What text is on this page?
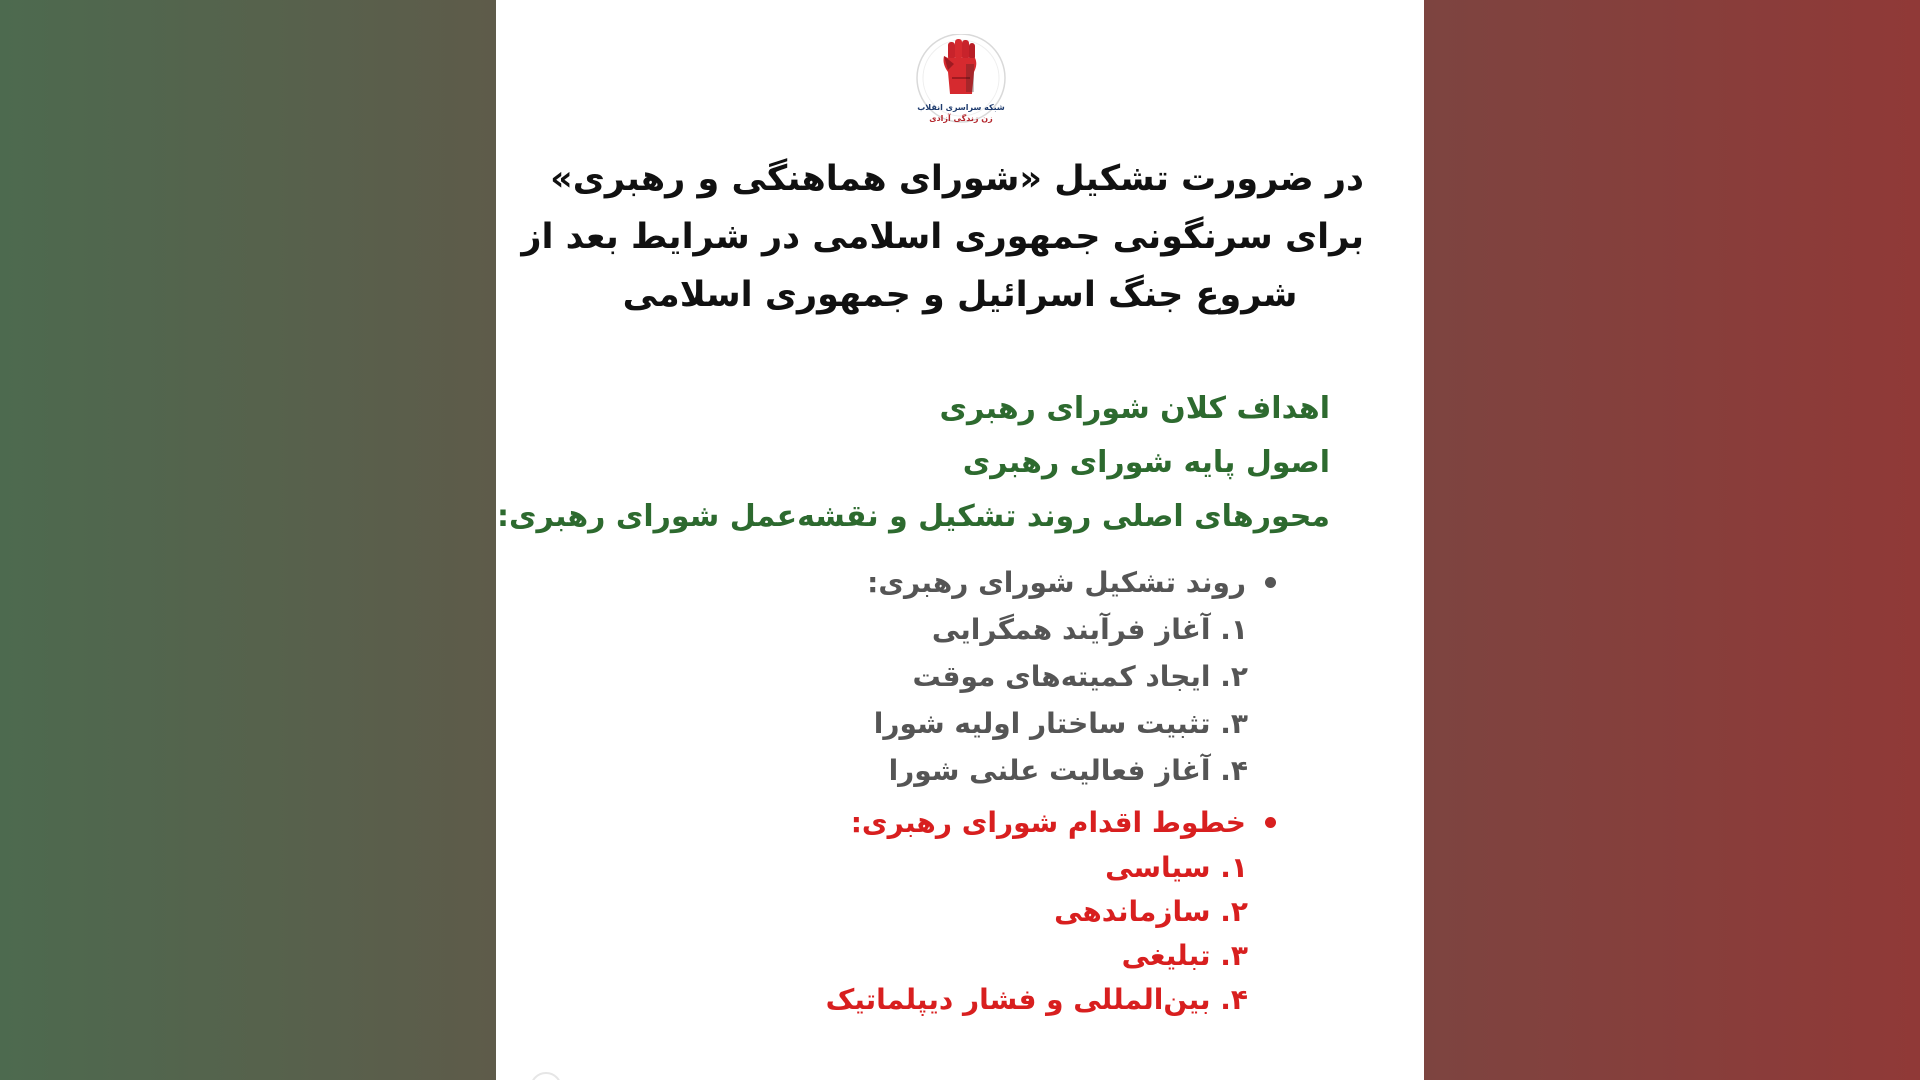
شبکه سراسری انقلاب
زن زندگی آزادی
در ضرورت تشکیل «شورای هماهنگی و رهبری»
برای سرنگونی جمهوری اسلامی در شرایط بعد از
شروع جنگ اسرائیل و جمهوری اسلامی
اهداف کلان شورای رهبری
اصول پایه شورای رهبری
محورهای اصلی روند تشکیل و نقشه‌عمل شورای رهبری:
روند تشکیل شورای رهبری:
۱. آغاز فرآیند همگرایی
۲. ایجاد کمیته‌های موقت
۳. تثبیت ساختار اولیه شورا
۴. آغاز فعالیت علنی شورا
خطوط اقدام شورای رهبری:
۱. سیاسی
۲. سازماندهی
۳. تبلیغی
۴. بین‌المللی و فشار دیپلماتیک
